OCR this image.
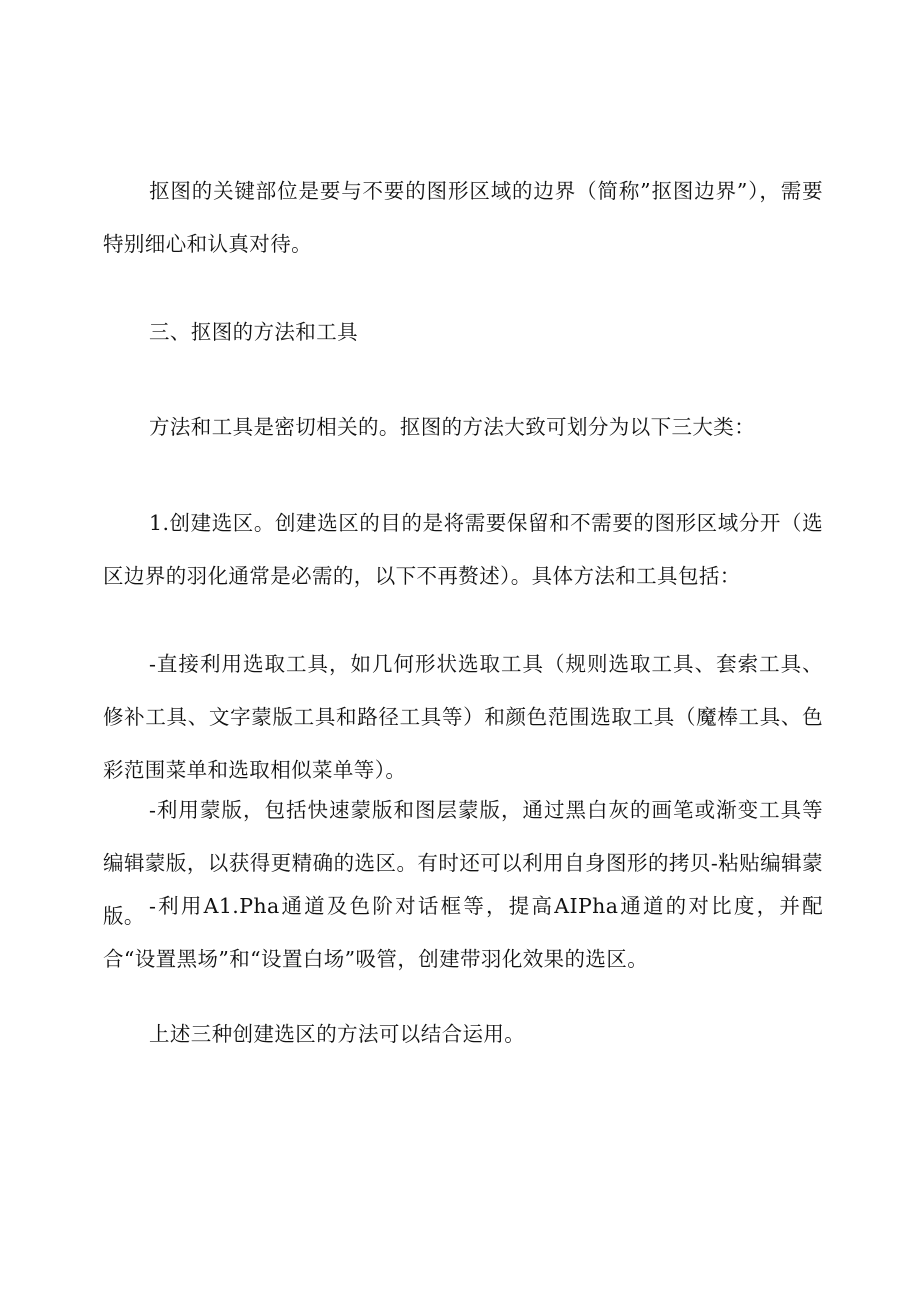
抠图的关键部位是要与不要的图形区域的边界（简称”抠图边界”），需要特别细心和认真对待。

三、抠图的方法和工具

方法和工具是密切相关的。抠图的方法大致可划分为以下三大类：

1.创建选区。创建选区的目的是将需要保留和不需要的图形区域分开（选区边界的羽化通常是必需的，以下不再赘述）。具体方法和工具包括：

-直接利用选取工具，如几何形状选取工具（规则选取工具、套索工具、修补工具、文字蒙版工具和路径工具等）和颜色范围选取工具（魔棒工具、色彩范围菜单和选取相似菜单等）。

-利用蒙版，包括快速蒙版和图层蒙版，通过黑白灰的画笔或渐变工具等编辑蒙版，以获得更精确的选区。有时还可以利用自身图形的拷贝-粘贴编辑蒙版。 -利用A1.Pha通道及色阶对话框等，提高AIPha通道的对比度，并配合“设置黑场”和“设置白场”吸管，创建带羽化效果的选区。

上述三种创建选区的方法可以结合运用。
